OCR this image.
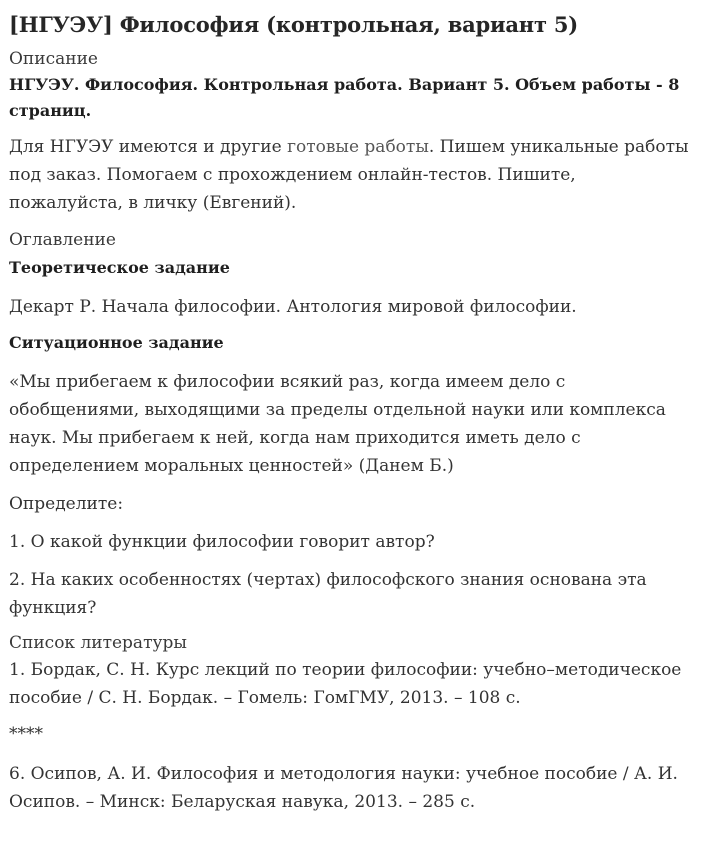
[НГУЭУ] Философия (контрольная, вариант 5)

Описание

НГУЭУ. Философия. Контрольная работа. Вариант 5. Объем работы - 8 страниц.

Для НГУЭУ имеются и другие готовые работы. Пишем уникальные работы под заказ. Помогаем с прохождением онлайн-тестов. Пишите, пожалуйста, в личку (Евгений).

Оглавление

Теоретическое задание

Декарт Р. Начала философии. Антология мировой философии.

Ситуационное задание

«Мы прибегаем к философии всякий раз, когда имеем дело с обобщениями, выходящими за пределы отдельной науки или комплекса наук. Мы прибегаем к ней, когда нам приходится иметь дело с определением моральных ценностей» (Данем Б.)

Определите:

1. О какой функции философии говорит автор?

2. На каких особенностях (чертах) философского знания основана эта функция?

Список литературы

1. Бордак, С. Н. Курс лекций по теории философии: учебно–методическое пособие / С. Н. Бордак. – Гомель: ГомГМУ, 2013. – 108 с.

****

6. Осипов, А. И. Философия и методология науки: учебное пособие / А. И. Осипов. – Минск: Беларуская навука, 2013. – 285 с.
